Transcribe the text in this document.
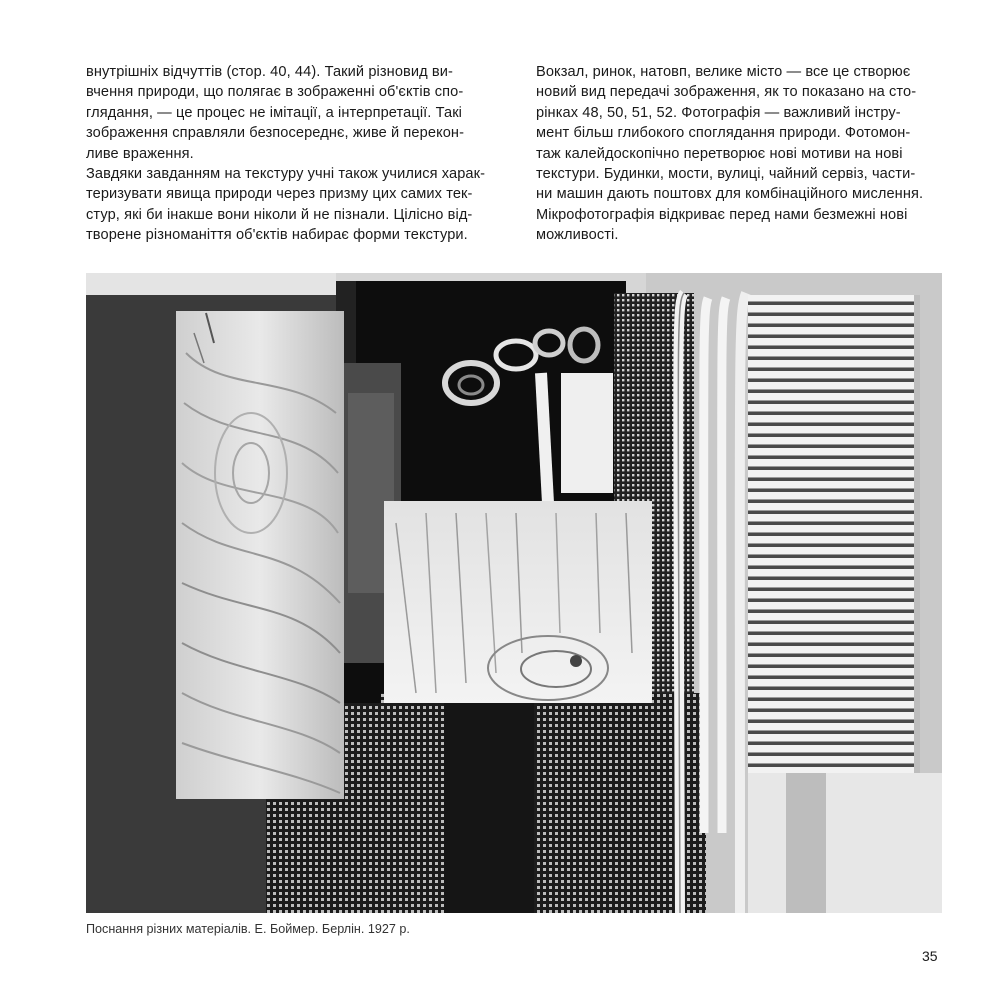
внутрішніх відчуттів (стор. 40, 44). Такий різновид ви-
вчення природи, що полягає в зображенні об'єктів спо-
глядання, — це процес не імітації, а інтерпретації. Такі
зображення справляли безпосереднє, живе й перекон-
ливе враження.
Завдяки завданням на текстуру учні також училися харак-
теризувати явища природи через призму цих самих тек-
стур, які би інакше вони ніколи й не пізнали. Цілісно від-
творене різноманіття об'єктів набирає форми текстури.
Вокзал, ринок, натовп, велике місто — все це створює
новий вид передачі зображення, як то показано на сто-
рінках 48, 50, 51, 52. Фотографія — важливий інстру-
мент більш глибокого споглядання природи. Фотомон-
таж калейдоскопічно перетворює нові мотиви на нові
текстури. Будинки, мости, вулиці, чайний сервіз, части-
ни машин дають поштовх для комбінаційного мислення.
Мікрофотографія відкриває перед нами безмежні нові
можливості.
Поснання різних матеріалів. Е. Боймер. Берлін. 1927 р.
35
